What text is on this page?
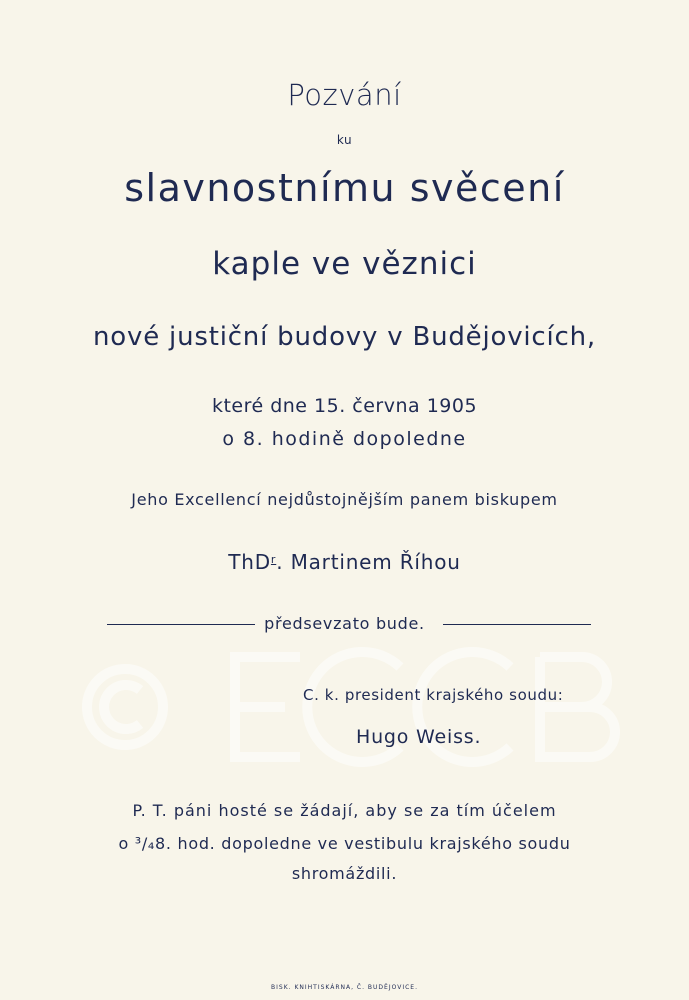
Pozvání
ku
slavnostnímu svěcení
kaple ve věznici
nové justiční budovy v Budějovicích,
které dne 15. června 1905
o 8. hodině dopoledne
Jeho Excellencí nejdůstojnějším panem biskupem
ThD$^r$. Martinem Říhou
předsevzato bude.
C. k. president krajského soudu:
Hugo Weiss.
P. T. páni hosté se žádají, aby se za tím účelem
o ³/₄8. hod. dopoledne ve vestibulu krajského soudu
shromáždili.
BISK. KNIHTISKÁRNA, Č. BUDĚJOVICE.
